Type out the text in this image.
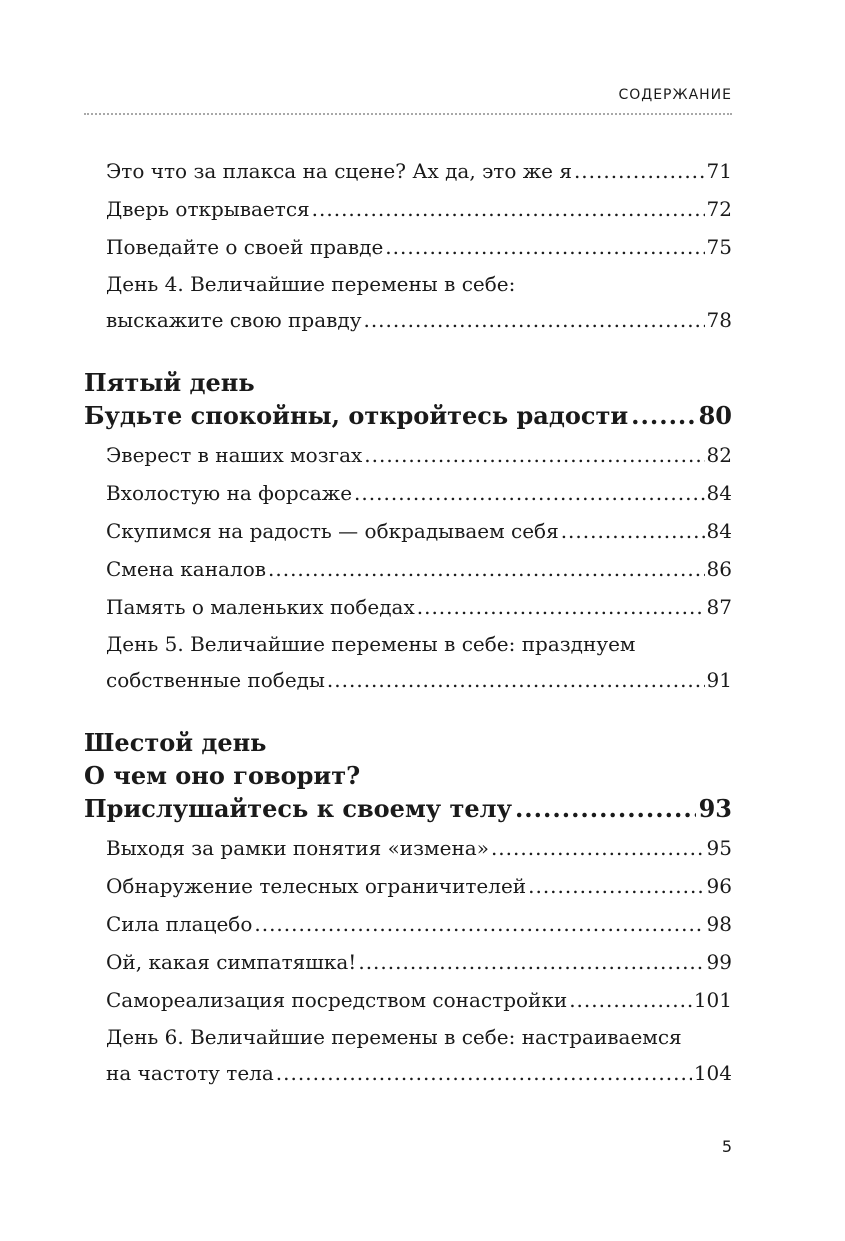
СОДЕРЖАНИЕ
Это что за плакса на сцене? Ах да, это же я .....	71
Дверь открывается .....	72
Поведайте о своей правде .....	75
День 4. Величайшие перемены в себе:
выскажите свою правду .....	78
Пятый день
Будьте спокойны, откройтесь радости .....	80
Эверест в наших мозгах .....	82
Вхолостую на форсаже .....	84
Скупимся на радость — обкрадываем себя .....	84
Смена каналов .....	86
Память о маленьких победах .....	87
День 5. Величайшие перемены в себе: празднуем
собственные победы .....	91
Шестой день
О чем оно говорит?
Прислушайтесь к своему телу .....	93
Выходя за рамки понятия «измена» .....	95
Обнаружение телесных ограничителей .....	96
Сила плацебо .....	98
Ой, какая симпатяшка! .....	99
Самореализация посредством сонастройки .....	101
День 6. Величайшие перемены в себе: настраиваемся
на частоту тела .....	104
5
